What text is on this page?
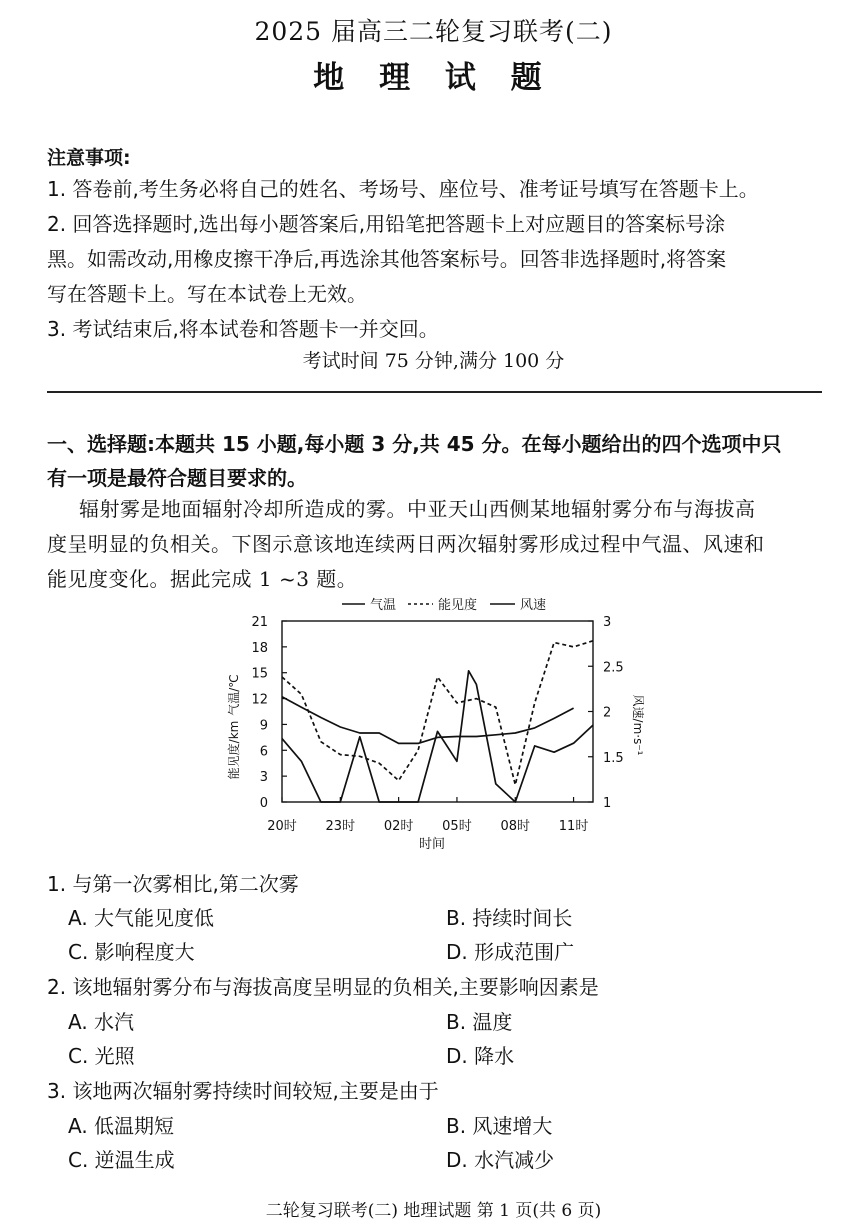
2025 届高三二轮复习联考(二)
地 理 试 题
注意事项:
1. 答卷前,考生务必将自己的姓名、考场号、座位号、准考证号填写在答题卡上。
2. 回答选择题时,选出每小题答案后,用铅笔把答题卡上对应题目的答案标号涂
黑。如需改动,用橡皮擦干净后,再选涂其他答案标号。回答非选择题时,将答案
写在答题卡上。写在本试卷上无效。
3. 考试结束后,将本试卷和答题卡一并交回。
考试时间 75 分钟,满分 100 分
一、选择题:本题共 15 小题,每小题 3 分,共 45 分。在每小题给出的四个选项中只
有一项是最符合题目要求的。
辐射雾是地面辐射冷却所造成的雾。中亚天山西侧某地辐射雾分布与海拔高
度呈明显的负相关。下图示意该地连续两日两次辐射雾形成过程中气温、风速和
能见度变化。据此完成 1 ~3 题。
气温	能见度	风速
0
3
6
9
12
15
18
21
1
1.5
2
2.5
3
20时 23时 02时 05时 08时 11时
气温/℃
能见度/km	风速/m·s⁻¹
时间
1. 与第一次雾相比,第二次雾
A. 大气能见度低	B. 持续时间长
C. 影响程度大	D. 形成范围广
2. 该地辐射雾分布与海拔高度呈明显的负相关,主要影响因素是
A. 水汽	B. 温度
C. 光照	D. 降水
3. 该地两次辐射雾持续时间较短,主要是由于
A. 低温期短	B. 风速增大
C. 逆温生成	D. 水汽减少
二轮复习联考(二) 地理试题 第 1 页(共 6 页)
